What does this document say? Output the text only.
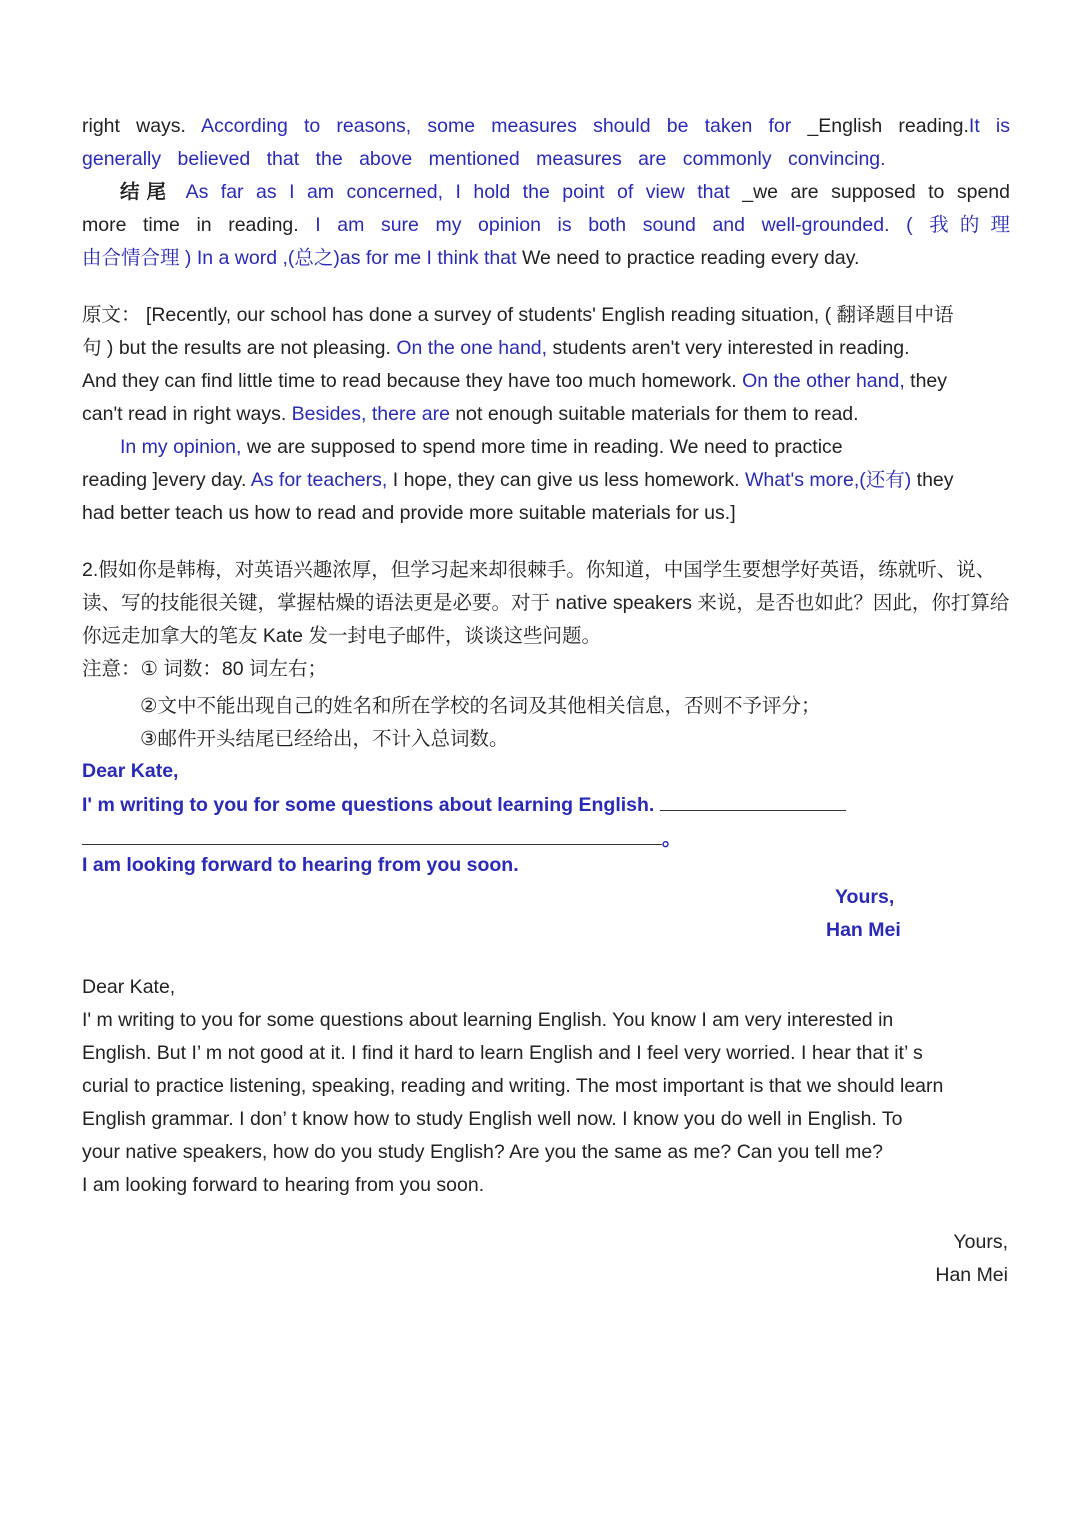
right ways. According to reasons, some measures should be taken for _English reading.It is
generally believed that the above mentioned measures are commonly convincing.
结尾 As far as I am concerned, I hold the point of view that _we are supposed to spend
more time in reading. I am sure my opinion is both sound and well-grounded. ( 我的理
由合情合理 ) In a word ,(总之)as for me I think that We need to practice reading every day.
原文： [Recently, our school has done a survey of students' English reading situation, ( 翻译题目中语
句 ) but the results are not pleasing. On the one hand, students aren't very interested in reading.
And they can find little time to read because they have too much homework. On the other hand, they
can't read in right ways. Besides, there are not enough suitable materials for them to read.
In my opinion, we are supposed to spend more time in reading. We need to practice
reading ]every day. As for teachers, I hope, they can give us less homework. What's more,(还有) they
had better teach us how to read and provide more suitable materials for us.]
2.假如你是韩梅，对英语兴趣浓厚，但学习起来却很棘手。你知道，中国学生要想学好英语，练就听、说、
读、写的技能很关键，掌握枯燥的语法更是必要。对于 native speakers 来说，是否也如此？因此，你打算给
你远走加拿大的笔友 Kate 发一封电子邮件，谈谈这些问题。
注意：① 词数：80 词左右；
②文中不能出现自己的姓名和所在学校的名词及其他相关信息，否则不予评分；
③邮件开头结尾已经给出，不计入总词数。
Dear Kate,
I' m writing to you for some questions about learning English.
。
I am looking forward to hearing from you soon.
Yours,
Han Mei
Dear Kate,
I' m writing to you for some questions about learning English. You know I am very interested in
English. But I’ m not good at it. I find it hard to learn English and I feel very worried. I hear that it’ s
curial to practice listening, speaking, reading and writing. The most important is that we should learn
English grammar. I don’ t know how to study English well now. I know you do well in English. To
your native speakers, how do you study English? Are you the same as me? Can you tell me?
I am looking forward to hearing from you soon.
Yours,
Han Mei
